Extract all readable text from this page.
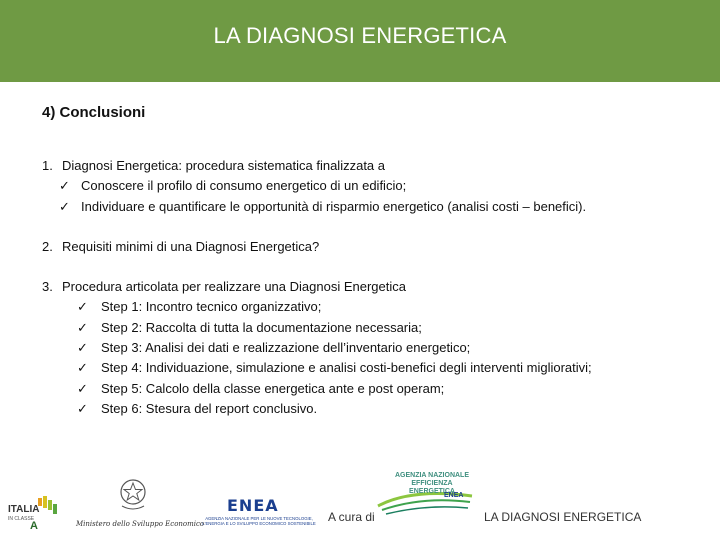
LA DIAGNOSI ENERGETICA
4) Conclusioni
1. Diagnosi Energetica: procedura sistematica finalizzata a
✓ Conoscere il profilo di consumo energetico di un edificio;
✓ Individuare e quantificare le opportunità di risparmio energetico (analisi costi – benefici).
2. Requisiti minimi di una Diagnosi Energetica?
3. Procedura articolata per realizzare una Diagnosi Energetica
✓	Step 1: Incontro tecnico organizzativo;
✓	Step 2: Raccolta di tutta la documentazione necessaria;
✓	Step 3: Analisi dei dati e realizzazione dell’inventario energetico;
✓	Step 4: Individuazione, simulazione e analisi costi-benefici degli interventi migliorativi;
✓	Step 5: Calcolo della classe energetica ante e post operam;
✓	Step 6: Stesura del report conclusivo.
ITALIA
IN CLASSE
A	Ministero dello Sviluppo Economico
ENEA
AGENZIA NAZIONALE PER LE NUOVE TECNOLOGIE, L'ENERGIA E LO SVILUPPO ECONOMICO SOSTENIBILE	A cura di
AGENZIA NAZIONALE EFFICIENZA ENERGETICA
ENEA
LA DIAGNOSI ENERGETICA
